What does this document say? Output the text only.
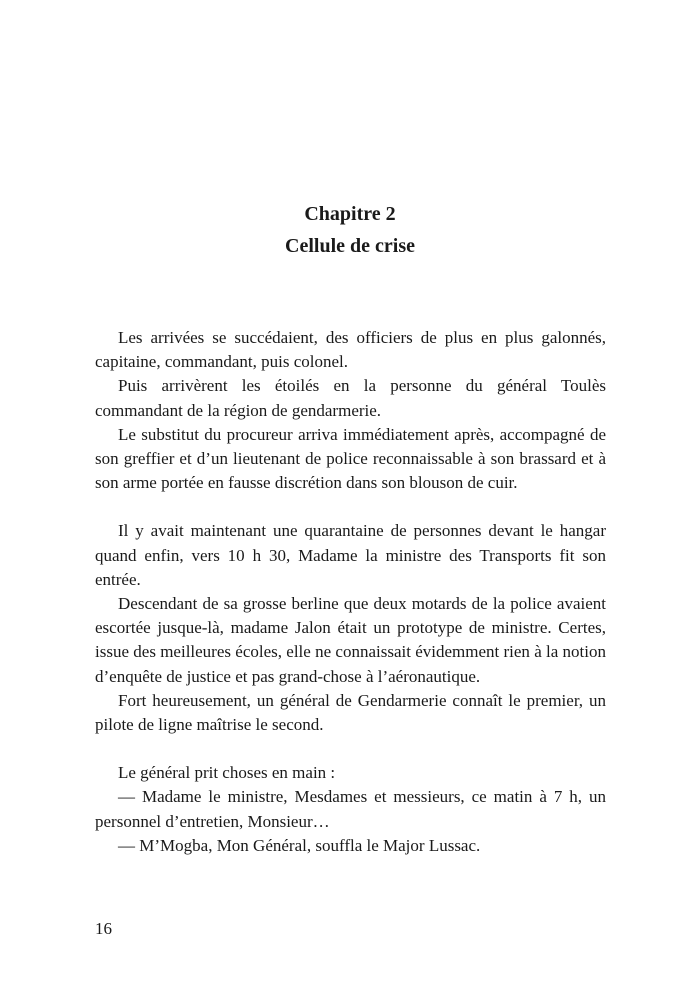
Chapitre 2
Cellule de crise

Les arrivées se succédaient, des officiers de plus en plus galonnés, capitaine, commandant, puis colonel.

Puis arrivèrent les étoilés en la personne du général Toulès commandant de la région de gendarmerie.

Le substitut du procureur arriva immédiatement après, accompagné de son greffier et d’un lieutenant de police reconnaissable à son brassard et à son arme portée en fausse discrétion dans son blouson de cuir.

Il y avait maintenant une quarantaine de personnes devant le hangar quand enfin, vers 10 h 30, Madame la ministre des Transports fit son entrée.

Descendant de sa grosse berline que deux motards de la police avaient escortée jusque-là, madame Jalon était un prototype de ministre. Certes, issue des meilleures écoles, elle ne connaissait évidemment rien à la notion d’enquête de justice et pas grand-chose à l’aéronautique.

Fort heureusement, un général de Gendarmerie connaît le premier, un pilote de ligne maîtrise le second.

Le général prit choses en main :

— Madame le ministre, Mesdames et messieurs, ce matin à 7 h, un personnel d’entretien, Monsieur…

— M’Mogba, Mon Général, souffla le Major Lussac.

16
